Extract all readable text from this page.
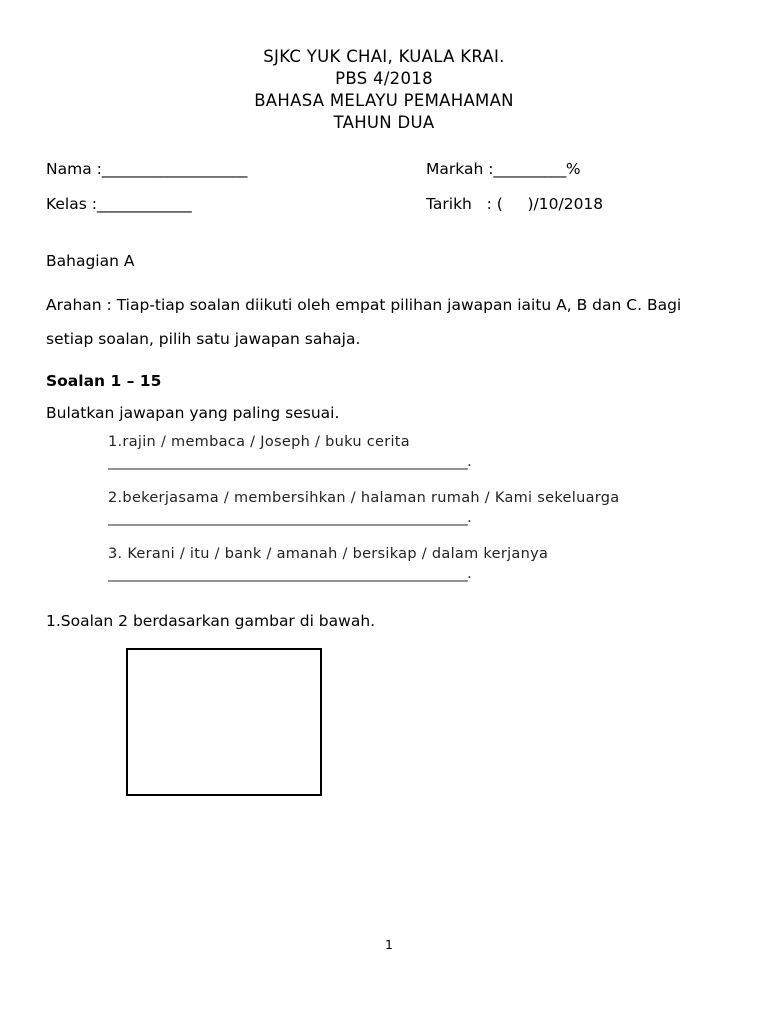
SJKC YUK CHAI, KUALA KRAI.
PBS 4/2018
BAHASA MELAYU PEMAHAMAN
TAHUN DUA
Nama :____________________	Markah :__________%
Kelas :_____________	Tarikh   : (     )/10/2018
Bahagian A
Arahan : Tiap-tiap soalan diikuti oleh empat pilihan jawapan iaitu A, B dan C. Bagi setiap soalan, pilih satu jawapan sahaja.
Soalan 1 – 15
Bulatkan jawapan yang paling sesuai.
1.rajin / membaca / Joseph / buku cerita
______________________________________________________.
2.bekerjasama / membersihkan / halaman rumah / Kami sekeluarga
______________________________________________________.
3. Kerani / itu / bank / amanah / bersikap / dalam kerjanya
______________________________________________________.
1.Soalan 2 berdasarkan gambar di bawah.
1
